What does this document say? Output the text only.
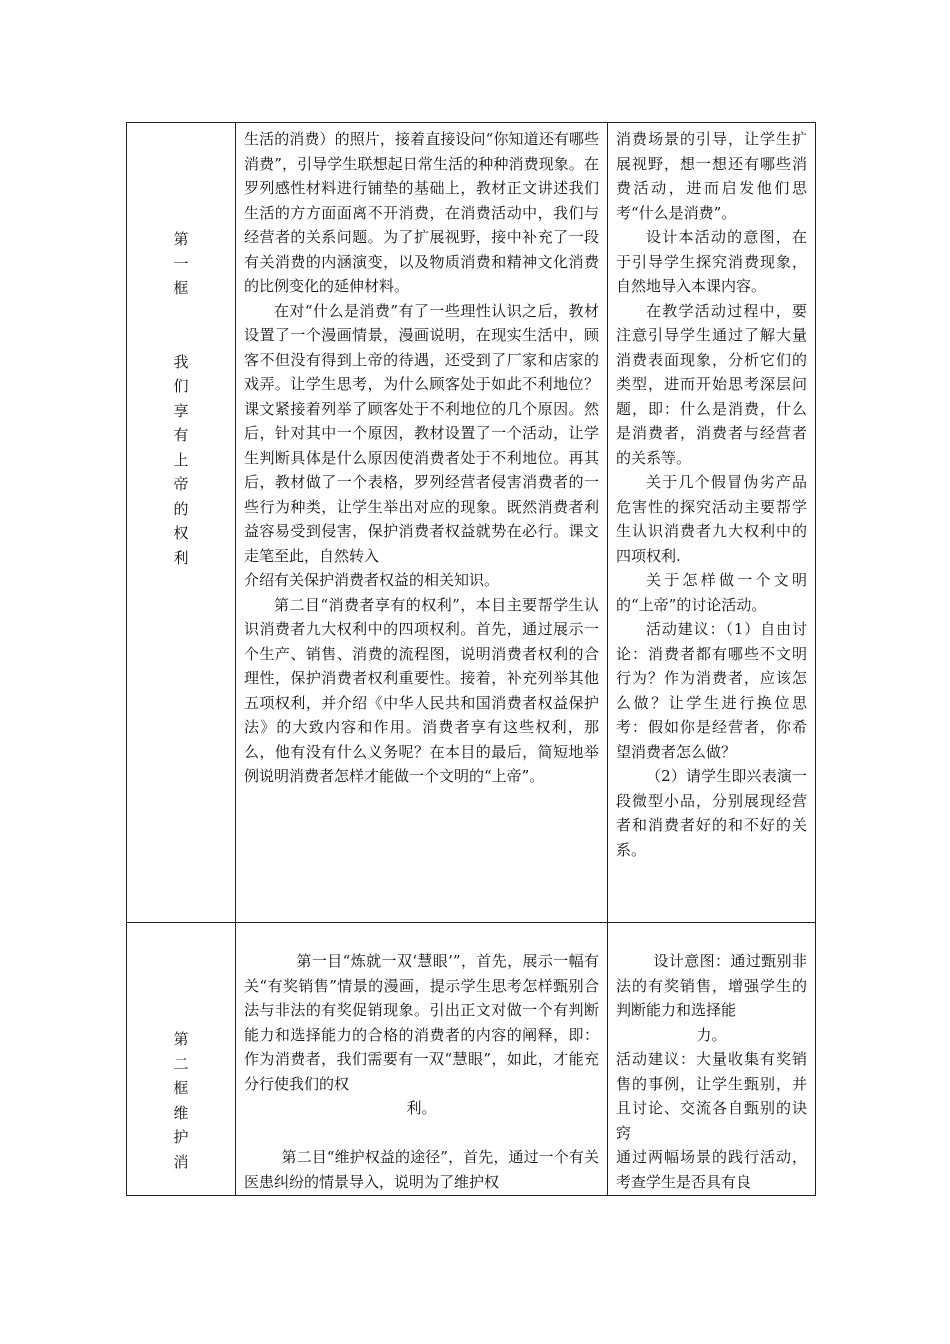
第

一

框

我

们

享

有

上

帝

的

权

利

生活的消费）的照片，接着直接设问“你知道还有哪些消费”，引导学生联想起日常生活的种种消费现象。在罗列感性材料进行铺垫的基础上，教材正文讲述我们生活的方方面面离不开消费，在消费活动中，我们与经营者的关系问题。为了扩展视野，接中补充了一段有关消费的内涵演变，以及物质消费和精神文化消费的比例变化的延伸材料。

在对“什么是消费”有了一些理性认识之后，教材设置了一个漫画情景，漫画说明，在现实生活中，顾客不但没有得到上帝的待遇，还受到了厂家和店家的戏弄。让学生思考，为什么顾客处于如此不利地位？课文紧接着列举了顾客处于不利地位的几个原因。然后，针对其中一个原因，教材设置了一个活动，让学生判断具体是什么原因使消费者处于不利地位。再其后，教材做了一个表格，罗列经营者侵害消费者的一些行为种类，让学生举出对应的现象。既然消费者利益容易受到侵害，保护消费者权益就势在必行。课文走笔至此，自然转入

介绍有关保护消费者权益的相关知识。

第二目“消费者享有的权利”，本目主要帮学生认识消费者九大权利中的四项权利。首先，通过展示一个生产、销售、消费的流程图，说明消费者权利的合理性，保护消费者权利重要性。接着，补充列举其他五项权利，并介绍《中华人民共和国消费者权益保护法》的大致内容和作用。消费者享有这些权利，那么，他有没有什么义务呢？在本目的最后，简短地举例说明消费者怎样才能做一个文明的“上帝”。

消费场景的引导，让学生扩展视野，想一想还有哪些消费活动，进而启发他们思考“什么是消费”。

设计本活动的意图，在于引导学生探究消费现象，自然地导入本课内容。

在教学活动过程中，要注意引导学生通过了解大量消费表面现象，分析它们的类型，进而开始思考深层问题，即：什么是消费，什么是消费者，消费者与经营者的关系等。

关于几个假冒伪劣产品危害性的探究活动主要帮学生认识消费者九大权利中的四项权利.

关于怎样做一个文明的“上帝”的讨论活动。

活动建议：（1）自由讨论：消费者都有哪些不文明行为？作为消费者，应该怎么做？让学生进行换位思考：假如你是经营者，你希望消费者怎么做？

（2）请学生即兴表演一段微型小品，分别展现经营者和消费者好的和不好的关系。

第

二

框

维

护

消

第一目“炼就一双‘慧眼’”，首先，展示一幅有关“有奖销售”情景的漫画，提示学生思考怎样甄别合法与非法的有奖促销现象。引出正文对做一个有判断能力和选择能力的合格的消费者的内容的阐释，即：作为消费者，我们需要有一双“慧眼”，如此，才能充分行使我们的权

利。

第二目“维护权益的途径”，首先，通过一个有关医患纠纷的情景导入，说明为了维护权

设计意图：通过甄别非法的有奖销售，增强学生的判断能力和选择能

力。

活动建议：大量收集有奖销售的事例，让学生甄别，并且讨论、交流各自甄别的诀窍

通过两幅场景的践行活动，考查学生是否具有良
